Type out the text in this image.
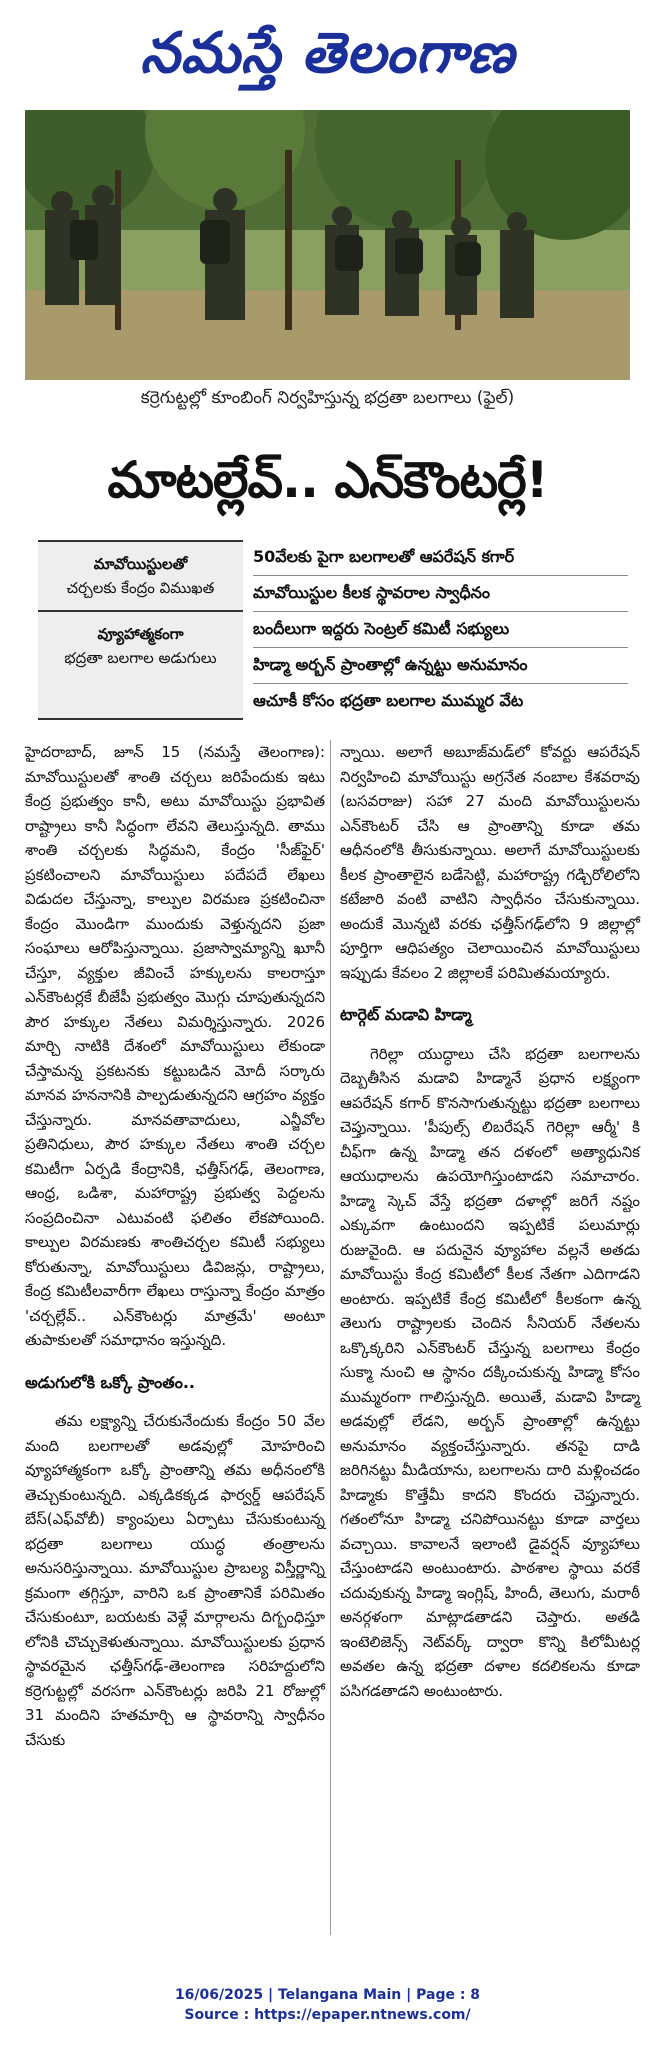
నమస్తే తెలంగాణ
కర్రెగుట్టల్లో కూంబింగ్ నిర్వహిస్తున్న భద్రతా బలగాలు (ఫైల్)
మాటల్లేవ్.. ఎన్‌కౌంటర్లే!
మావోయిస్టులతో
చర్చలకు కేంద్రం విముఖత
వ్యూహాత్మకంగా
భద్రతా బలగాల అడుగులు
50వేలకు పైగా బలగాలతో ఆపరేషన్ కగార్
మావోయిస్టుల కీలక స్థావరాల స్వాధీనం
బందీలుగా ఇద్దరు సెంట్రల్ కమిటీ సభ్యులు
హిడ్మా అర్బన్ ప్రాంతాల్లో ఉన్నట్టు అనుమానం
ఆచూకీ కోసం భద్రతా బలగాల ముమ్మర వేట

హైదరాబాద్, జూన్ 15 (నమస్తే తెలంగాణ): మావోయిస్టులతో శాంతి చర్చలు జరిపేందుకు ఇటు కేంద్ర ప్రభుత్వం కానీ, అటు మావోయిస్టు ప్రభావిత రాష్ట్రాలు కానీ సిద్ధంగా లేవని తెలుస్తున్నది. తాము శాంతి చర్చలకు సిద్ధమని, కేంద్రం 'సీజ్‌ఫైర్' ప్రకటించాలని మావోయిస్టులు పదేపదే లేఖలు విడుదల చేస్తున్నా, కాల్పుల విరమణ ప్రకటించినా కేంద్రం మొండిగా ముందుకు వెళ్తున్నదని ప్రజా సంఘాలు ఆరోపిస్తున్నాయి. ప్రజాస్వామ్యాన్ని ఖూనీ చేస్తూ, వ్యక్తుల జీవించే హక్కులను కాలరాస్తూ ఎన్‌కౌంటర్లకే బీజేపీ ప్రభుత్వం మొగ్గు చూపుతున్నదని పౌర హక్కుల నేతలు విమర్శిస్తున్నారు. 2026 మార్చి నాటికి దేశంలో మావోయిస్టులు లేకుండా చేస్తామన్న ప్రకటనకు కట్టుబడిన మోదీ సర్కారు మానవ హననానికి పాల్పడుతున్నదని ఆగ్రహం వ్యక్తం చేస్తున్నారు. మానవతావాదులు, ఎన్జీవోల ప్రతినిధులు, పౌర హక్కుల నేతలు శాంతి చర్చల కమిటీగా ఏర్పడి కేంద్రానికి, ఛత్తీస్‌గఢ్, తెలంగాణ, ఆంధ్ర, ఒడిశా, మహారాష్ట్ర ప్రభుత్వ పెద్దలను సంప్రదించినా ఎటువంటి ఫలితం లేకపోయింది. కాల్పుల విరమణకు శాంతిచర్చల కమిటీ సభ్యులు కోరుతున్నా, మావోయిస్టులు డివిజన్లు, రాష్ట్రాలు, కేంద్ర కమిటీలవారీగా లేఖలు రాస్తున్నా కేంద్రం మాత్రం 'చర్చల్లేవ్.. ఎన్‌కౌంటర్లు మాత్రమే' అంటూ తుపాకులతో సమాధానం ఇస్తున్నది.

అడుగులోకి ఒక్కో ప్రాంతం..

తమ లక్ష్యాన్ని చేరుకునేందుకు కేంద్రం 50 వేల మంది బలగాలతో అడవుల్లో మోహరించి వ్యూహాత్మకంగా ఒక్కో ప్రాంతాన్ని తమ అధీనంలోకి తెచ్చుకుంటున్నది. ఎక్కడికక్కడ ఫార్వర్డ్ ఆపరేషన్ బేస్(ఎఫ్‌వోబీ) క్యాంపులు ఏర్పాటు చేసుకుంటున్న భద్రతా బలగాలు యుద్ధ తంత్రాలను అనుసరిస్తున్నాయి. మావోయిస్టుల ప్రాబల్య విస్తీర్ణాన్ని క్రమంగా తగ్గిస్తూ, వారిని ఒక ప్రాంతానికే పరిమితం చేసుకుంటూ, బయటకు వెళ్లే మార్గాలను దిగ్బంధిస్తూ లోనికి చొచ్చుకెళుతున్నాయి. మావోయిస్టులకు ప్రధాన స్థావరమైన ఛత్తీస్‌గఢ్-తెలంగాణ సరిహద్దులోని కర్రెగుట్టల్లో వరసగా ఎన్‌కౌంటర్లు జరిపి 21 రోజుల్లో 31 మందిని హతమార్చి ఆ స్థావరాన్ని స్వాధీనం చేసుకు

న్నాయి. అలాగే అబూజ్‌మడ్‌లో కోవర్టు ఆపరేషన్ నిర్వహించి మావోయిస్టు అగ్రనేత నంబాల కేశవరావు (బసవరాజు) సహా 27 మంది మావోయిస్టులను ఎన్‌కౌంటర్ చేసి ఆ ప్రాంతాన్ని కూడా తమ ఆధీనంలోకి తీసుకున్నాయి. అలాగే మావోయిస్టులకు కీలక ప్రాంతాలైన బడేసెట్టి, మహారాష్ట్ర గడ్చిరోలిలోని కటేజారి వంటి వాటిని స్వాధీనం చేసుకున్నాయి. అందుకే మొన్నటి వరకు ఛత్తీస్‌గఢ్‌లోని 9 జిల్లాల్లో పూర్తిగా ఆధిపత్యం చెలాయించిన మావోయిస్టులు ఇప్పుడు కేవలం 2 జిల్లాలకే పరిమితమయ్యారు.

టార్గెట్ మడావి హిడ్మా

గెరిల్లా యుద్ధాలు చేసి భద్రతా బలగాలను దెబ్బతీసిన మడావి హిడ్మానే ప్రధాన లక్ష్యంగా ఆపరేషన్ కగార్ కొనసాగుతున్నట్టు భద్రతా బలగాలు చెప్తున్నాయి. 'పీపుల్స్ లిబరేషన్ గెరిల్లా ఆర్మీ' కి చీఫ్‌గా ఉన్న హిడ్మా తన దళంలో అత్యాధునిక ఆయుధాలను ఉపయోగిస్తుంటాడని సమాచారం. హిడ్మా స్కెచ్ వేస్తే భద్రతా దళాల్లో జరిగే నష్టం ఎక్కువగా ఉంటుందని ఇప్పటికే పలుమార్లు రుజువైంది. ఆ పదునైన వ్యూహాల వల్లనే అతడు మావోయిస్టు కేంద్ర కమిటీలో కీలక నేతగా ఎదిగాడని అంటారు. ఇప్పటికే కేంద్ర కమిటీలో కీలకంగా ఉన్న తెలుగు రాష్ట్రాలకు చెందిన సీనియర్ నేతలను ఒక్కొక్కరిని ఎన్‌కౌంటర్ చేస్తున్న బలగాలు కేంద్రం సుక్మా నుంచి ఆ స్థానం దక్కించుకున్న హిడ్మా కోసం ముమ్మరంగా గాలిస్తున్నది. అయితే, మడావి హిడ్మా అడవుల్లో లేడని, అర్బన్ ప్రాంతాల్లో ఉన్నట్టు అనుమానం వ్యక్తంచేస్తున్నారు. తనపై దాడి జరిగినట్టు మీడియాను, బలగాలను దారి మళ్లించడం హిడ్మాకు కొత్తేమీ కాదని కొందరు చెప్తున్నారు. గతంలోనూ హిడ్మా చనిపోయినట్టు కూడా వార్తలు వచ్చాయి. కావాలనే ఇలాంటి డైవర్షన్ వ్యూహాలు చేస్తుంటాడని అంటుంటారు. పాఠశాల స్థాయి వరకే చదువుకున్న హిడ్మా ఇంగ్లిష్, హిందీ, తెలుగు, మరాఠీ అనర్గళంగా మాట్లాడతాడని చెప్తారు. అతడి ఇంటెలిజెన్స్ నెట్‌వర్క్ ద్వారా కొన్ని కిలోమీటర్ల అవతల ఉన్న భద్రతా దళాల కదలికలను కూడా పసిగడతాడని అంటుంటారు.

16/06/2025 | Telangana Main | Page : 8
Source : https://epaper.ntnews.com/
